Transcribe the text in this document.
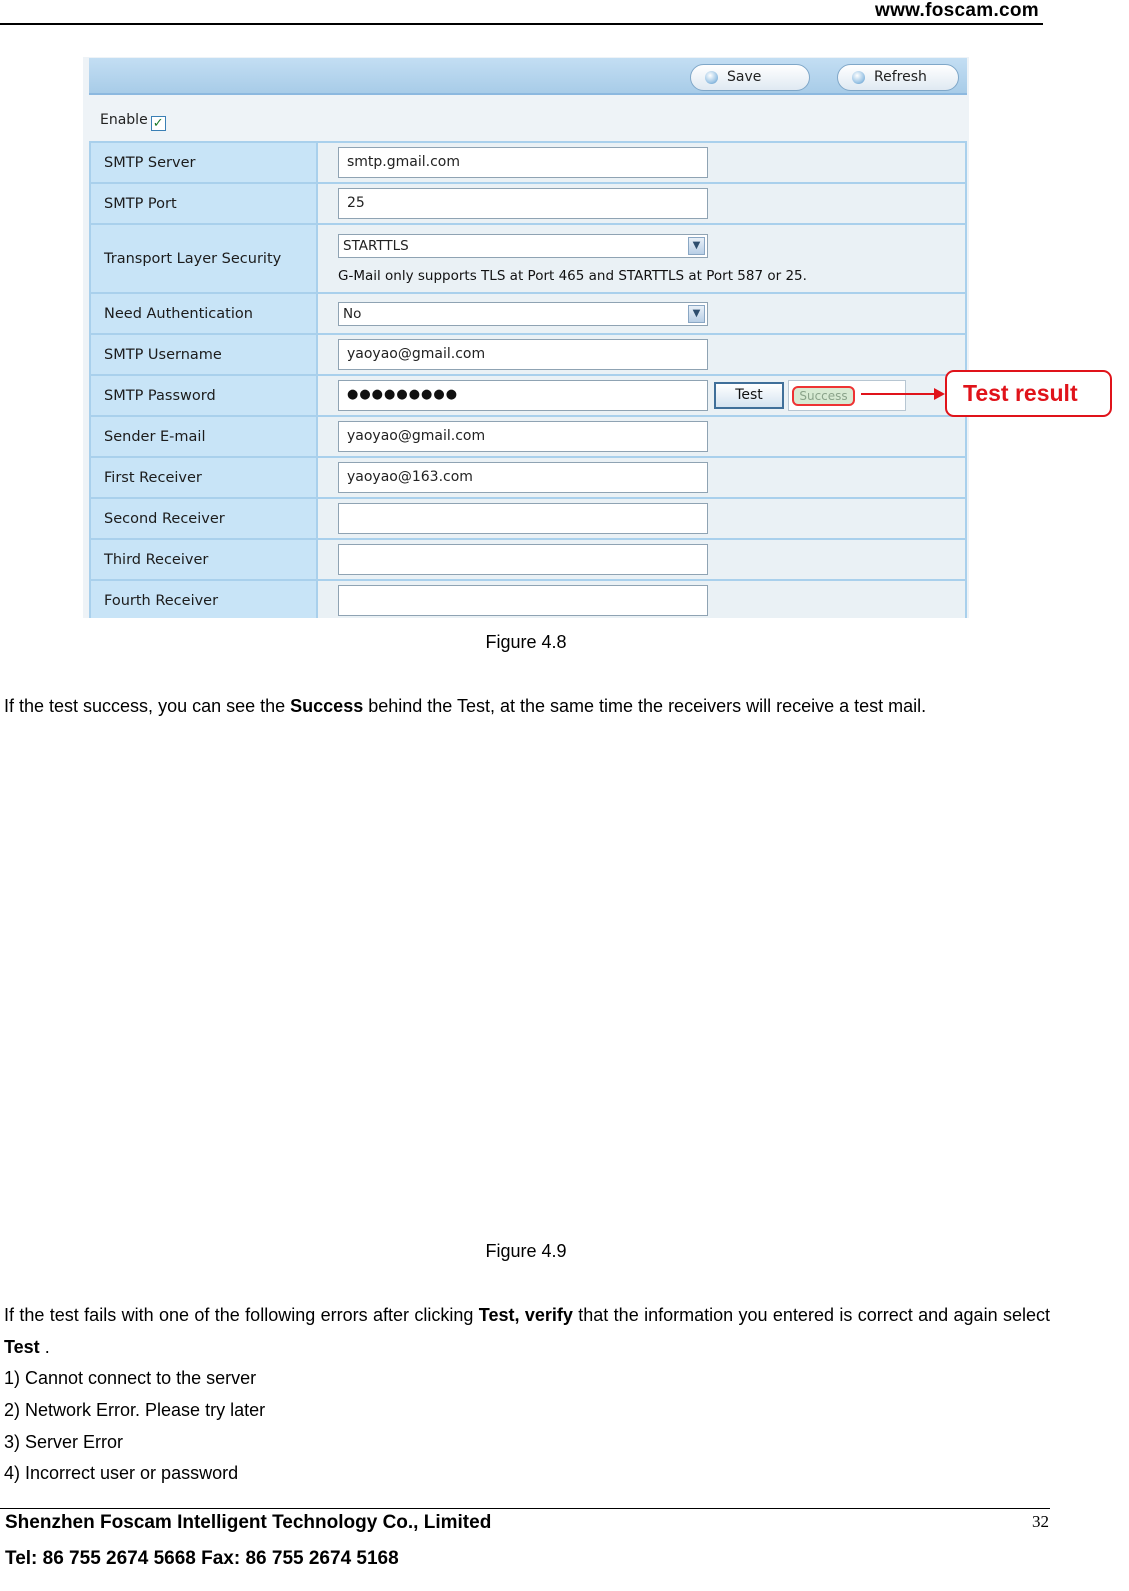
www.foscam.com
Save	Refresh
Enable ✓
SMTP Server	smtp.gmail.com
SMTP Port	25
Transport Layer Security	STARTTLS ▼
G-Mail only supports TLS at Port 465 and STARTTLS at Port 587 or 25.

Need Authentication	No ▼

SMTP Username	yaoyao@gmail.com
SMTP Password	●●●●●●●●● Test Success

Sender E-mail	yaoyao@gmail.com
First Receiver	yaoyao@163.com
Second Receiver	
Third Receiver	
Fourth Receiver	
Test result
Figure 4.8
If the test success, you can see the Success behind the Test, at the same time the receivers will receive a test mail.
Figure 4.9
If the test fails with one of the following errors after clicking Test, verify that the information you entered is correct and again select Test .
1) Cannot connect to the server
2) Network Error. Please try later
3) Server Error
4) Incorrect user or password
Shenzhen Foscam Intelligent Technology Co., Limited	32
Tel: 86 755 2674 5668 Fax: 86 755 2674 5168
